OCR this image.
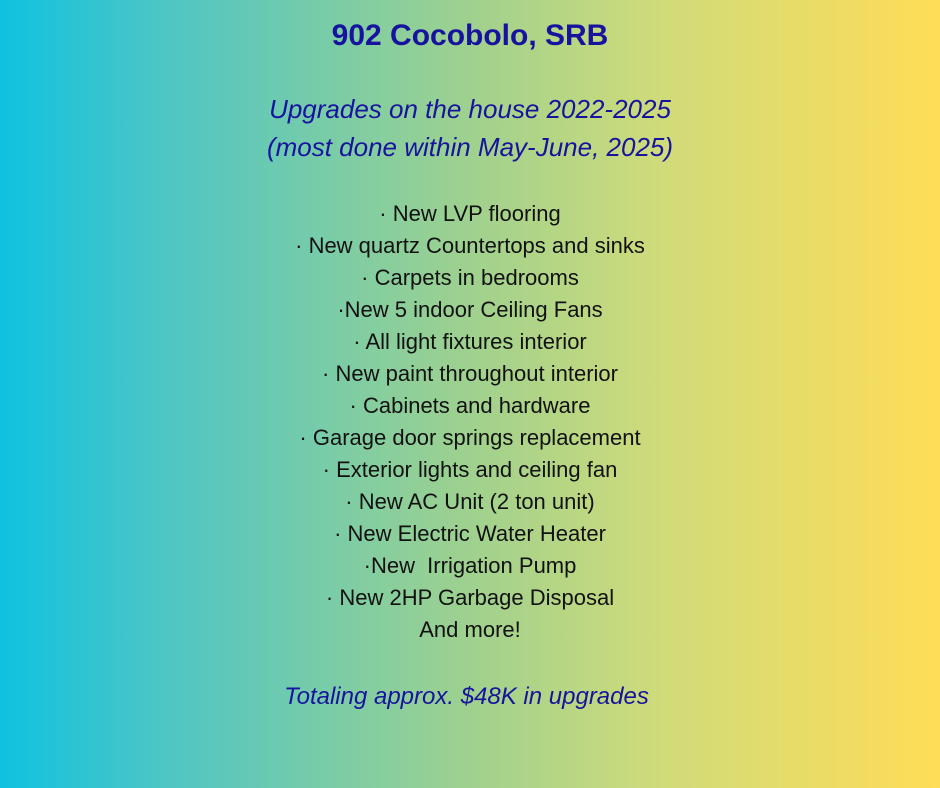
902 Cocobolo, SRB
Upgrades on the house 2022-2025
(most done within May-June, 2025)
· New LVP flooring
· New quartz Countertops and sinks
· Carpets in bedrooms
·New 5 indoor Ceiling Fans
· All light fixtures interior
· New paint throughout interior
· Cabinets and hardware
· Garage door springs replacement
· Exterior lights and ceiling fan
· New AC Unit (2 ton unit)
· New Electric Water Heater
·New  Irrigation Pump
· New 2HP Garbage Disposal
And more!
Totaling approx. $48K in upgrades
